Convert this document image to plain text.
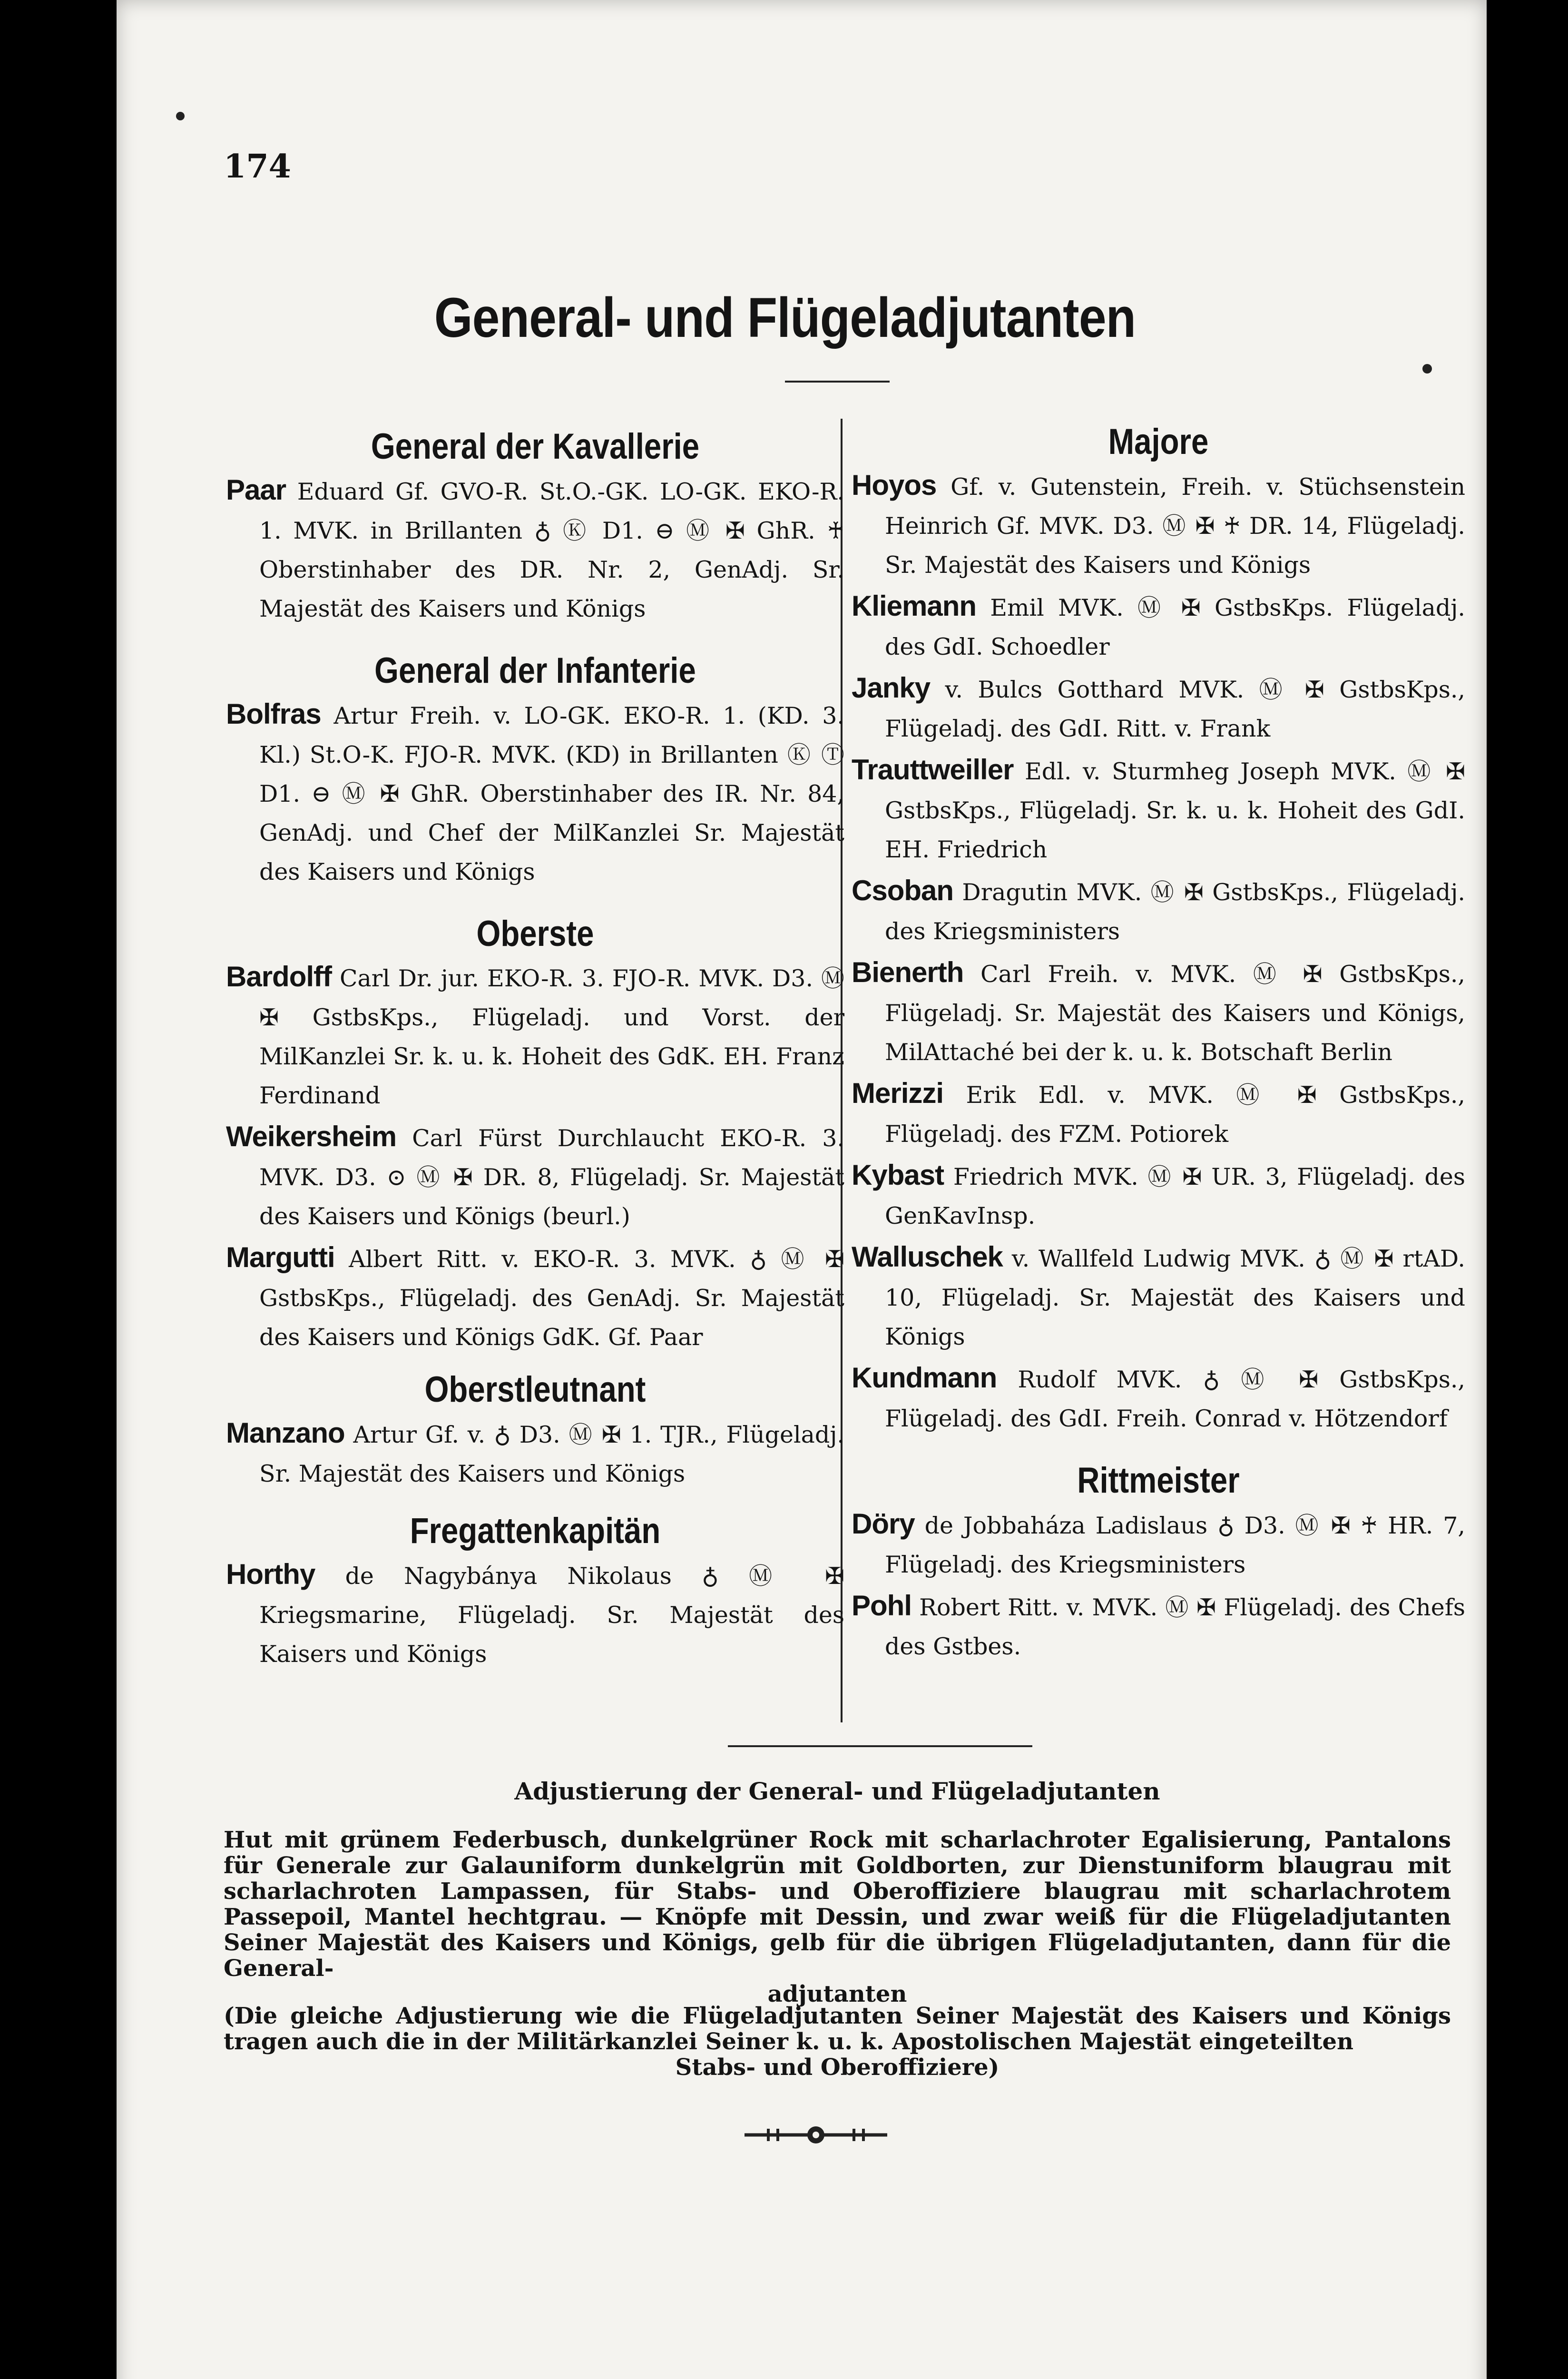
174
General- und Flügeladjutanten
General der Kavallerie

Paar Eduard Gf. GVO-R. St.O.-GK. LO-GK. EKO-R. 1. MVK. in Brillanten ♁ Ⓚ D1. ⊖ Ⓜ ✠ GhR. ♰ Oberstinhaber des DR. Nr. 2, GenAdj. Sr. Majestät des Kaisers und Königs

General der Infanterie

Bolfras Artur Freih. v. LO-GK. EKO-R. 1. (KD. 3. Kl.) St.O-K. FJO-R. MVK. (KD) in Brillanten Ⓚ Ⓣ D1. ⊖ Ⓜ ✠ GhR. Oberstinhaber des IR. Nr. 84, GenAdj. und Chef der MilKanzlei Sr. Majestät des Kaisers und Königs

Oberste

Bardolff Carl Dr. jur. EKO-R. 3. FJO-R. MVK. D3. Ⓜ ✠ GstbsKps., Flügeladj. und Vorst. der MilKanzlei Sr. k. u. k. Hoheit des GdK. EH. Franz Ferdinand

Weikersheim Carl Fürst Durchlaucht EKO-R. 3. MVK. D3. ⊙ Ⓜ ✠ DR. 8, Flügeladj. Sr. Majestät des Kaisers und Königs (beurl.)

Margutti Albert Ritt. v. EKO-R. 3. MVK. ♁ Ⓜ ✠ GstbsKps., Flügeladj. des GenAdj. Sr. Majestät des Kaisers und Königs GdK. Gf. Paar

Oberstleutnant

Manzano Artur Gf. v. ♁ D3. Ⓜ ✠ 1. TJR., Flügeladj. Sr. Majestät des Kaisers und Königs

Fregattenkapitän

Horthy de Nagybánya Nikolaus ♁ Ⓜ ✠ Kriegsmarine, Flügeladj. Sr. Majestät des Kaisers und Königs

Majore

Hoyos Gf. v. Gutenstein, Freih. v. Stüchsenstein Heinrich Gf. MVK. D3. Ⓜ ✠ ♰ DR. 14, Flügeladj. Sr. Majestät des Kaisers und Königs

Kliemann Emil MVK. Ⓜ ✠ GstbsKps. Flügeladj. des GdI. Schoedler

Janky v. Bulcs Gotthard MVK. Ⓜ ✠ GstbsKps., Flügeladj. des GdI. Ritt. v. Frank

Trauttweiller Edl. v. Sturmheg Joseph MVK. Ⓜ ✠ GstbsKps., Flügeladj. Sr. k. u. k. Hoheit des GdI. EH. Friedrich

Csoban Dragutin MVK. Ⓜ ✠ GstbsKps., Flügeladj. des Kriegsministers

Bienerth Carl Freih. v. MVK. Ⓜ ✠ GstbsKps., Flügeladj. Sr. Majestät des Kaisers und Königs, MilAttaché bei der k. u. k. Botschaft Berlin

Merizzi Erik Edl. v. MVK. Ⓜ ✠ GstbsKps., Flügeladj. des FZM. Potiorek

Kybast Friedrich MVK. Ⓜ ✠ UR. 3, Flügeladj. des GenKavInsp.

Walluschek v. Wallfeld Ludwig MVK. ♁ Ⓜ ✠ rtAD. 10, Flügeladj. Sr. Majestät des Kaisers und Königs

Kundmann Rudolf MVK. ♁ Ⓜ ✠ GstbsKps., Flügeladj. des GdI. Freih. Conrad v. Hötzendorf

Rittmeister

Döry de Jobbaháza Ladislaus ♁ D3. Ⓜ ✠ ♰ HR. 7, Flügeladj. des Kriegsministers

Pohl Robert Ritt. v. MVK. Ⓜ ✠ Flügeladj. des Chefs des Gstbes.

Adjustierung der General- und Flügeladjutanten
Hut mit grünem Federbusch, dunkelgrüner Rock mit scharlachroter Egalisierung, Pantalons für Generale zur Galauniform dunkelgrün mit Goldborten, zur Dienstuniform blaugrau mit scharlachroten Lampassen, für Stabs- und Oberoffiziere blaugrau mit scharlachrotem Passepoil, Mantel hechtgrau. — Knöpfe mit Dessin, und zwar weiß für die Flügeladjutanten Seiner Majestät des Kaisers und Königs, gelb für die übrigen Flügeladjutanten, dann für die General-
adjutanten
(Die gleiche Adjustierung wie die Flügeladjutanten Seiner Majestät des Kaisers und Königs tragen auch die in der Militärkanzlei Seiner k. u. k. Apostolischen Majestät eingeteilten
Stabs- und Oberoffiziere)
